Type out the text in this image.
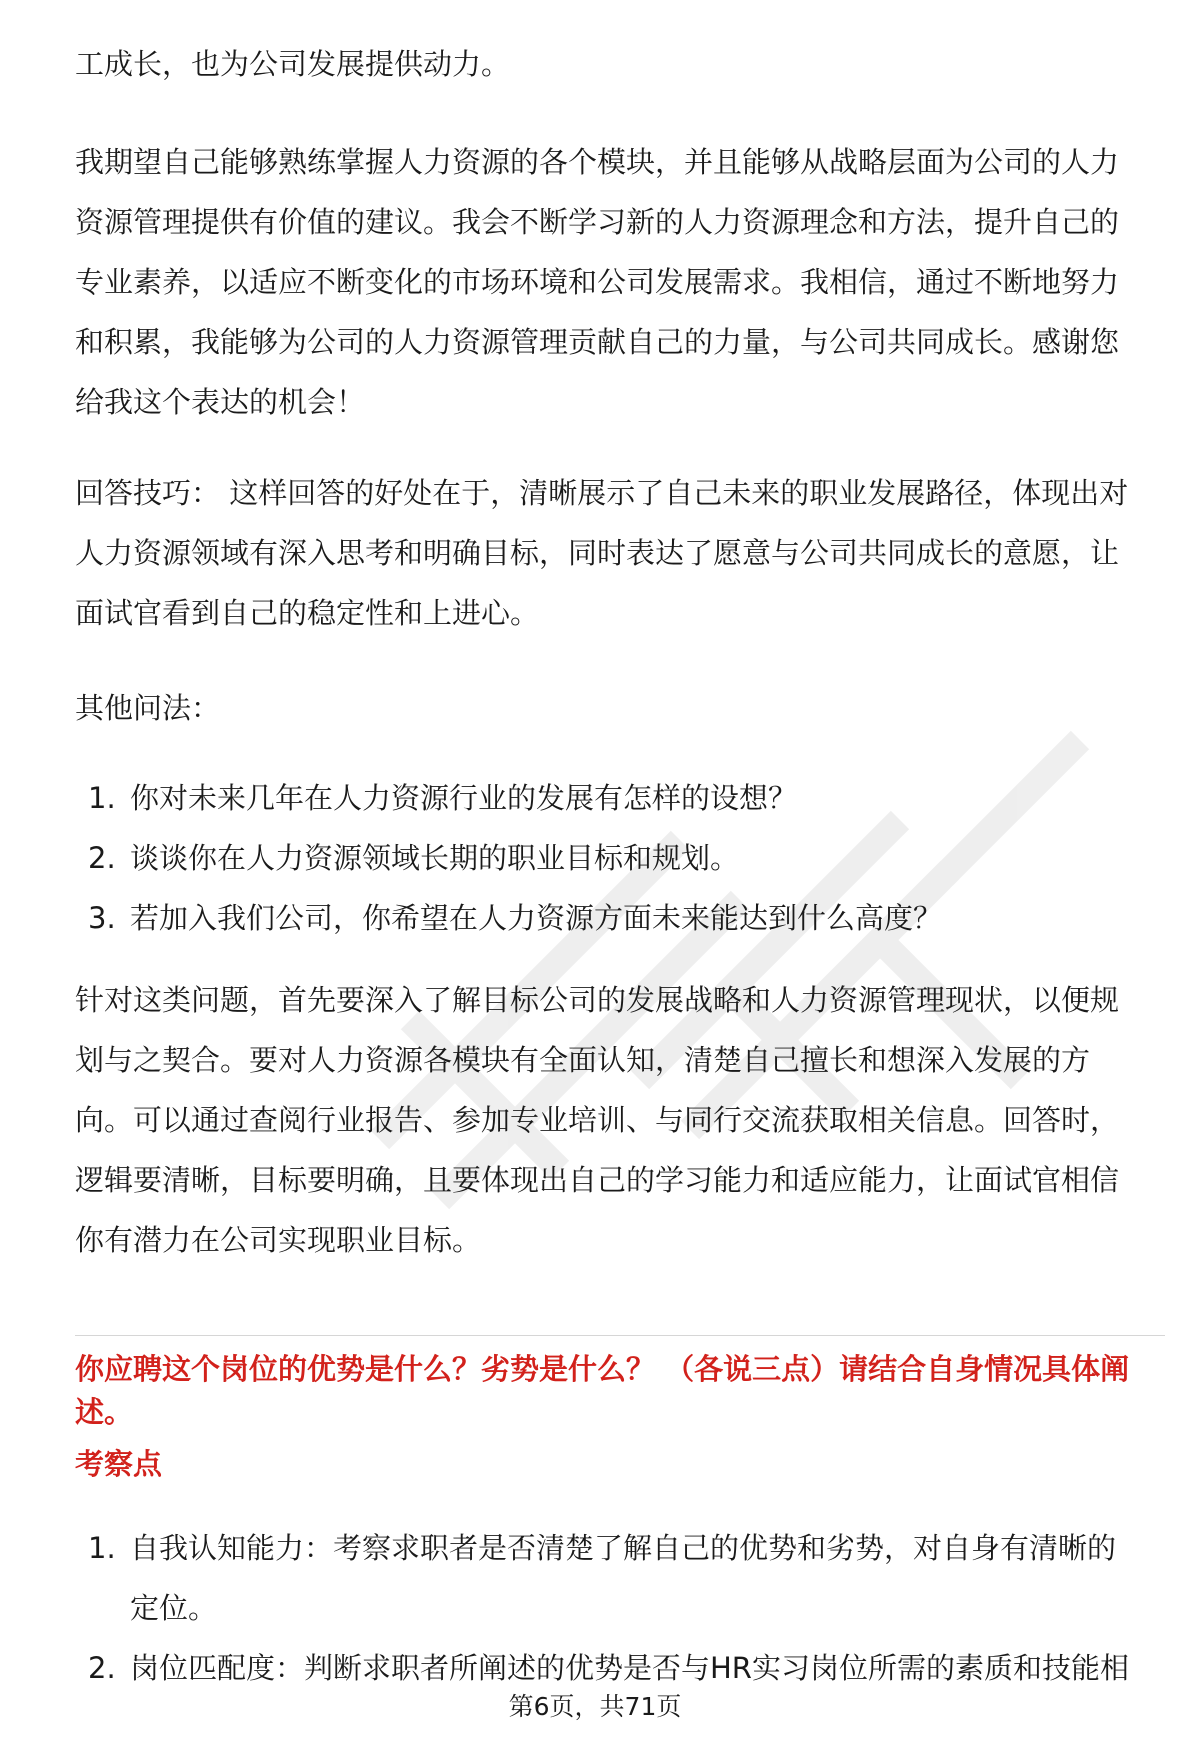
工成长，也为公司发展提供动力。

我期望自己能够熟练掌握人力资源的各个模块，并且能够从战略层面为公司的人力
资源管理提供有价值的建议。我会不断学习新的人力资源理念和方法，提升自己的
专业素养，以适应不断变化的市场环境和公司发展需求。我相信，通过不断地努力
和积累，我能够为公司的人力资源管理贡献自己的力量，与公司共同成长。感谢您
给我这个表达的机会！

回答技巧： 这样回答的好处在于，清晰展示了自己未来的职业发展路径，体现出对
人力资源领域有深入思考和明确目标，同时表达了愿意与公司共同成长的意愿，让
面试官看到自己的稳定性和上进心。

其他问法：

1. 你对未来几年在人力资源行业的发展有怎样的设想？
2. 谈谈你在人力资源领域长期的职业目标和规划。
3. 若加入我们公司，你希望在人力资源方面未来能达到什么高度？

针对这类问题，首先要深入了解目标公司的发展战略和人力资源管理现状，以便规
划与之契合。要对人力资源各模块有全面认知，清楚自己擅长和想深入发展的方
向。可以通过查阅行业报告、参加专业培训、与同行交流获取相关信息。回答时，
逻辑要清晰，目标要明确，且要体现出自己的学习能力和适应能力，让面试官相信
你有潜力在公司实现职业目标。

你应聘这个岗位的优势是什么？劣势是什么？ （各说三点）请结合自身情况具体阐
述。
考察点
1. 自我认知能力：考察求职者是否清楚了解自己的优势和劣势，对自身有清晰的
定位。
2. 岗位匹配度：判断求职者所阐述的优势是否与HR实习岗位所需的素质和技能相
第6页，共71页
